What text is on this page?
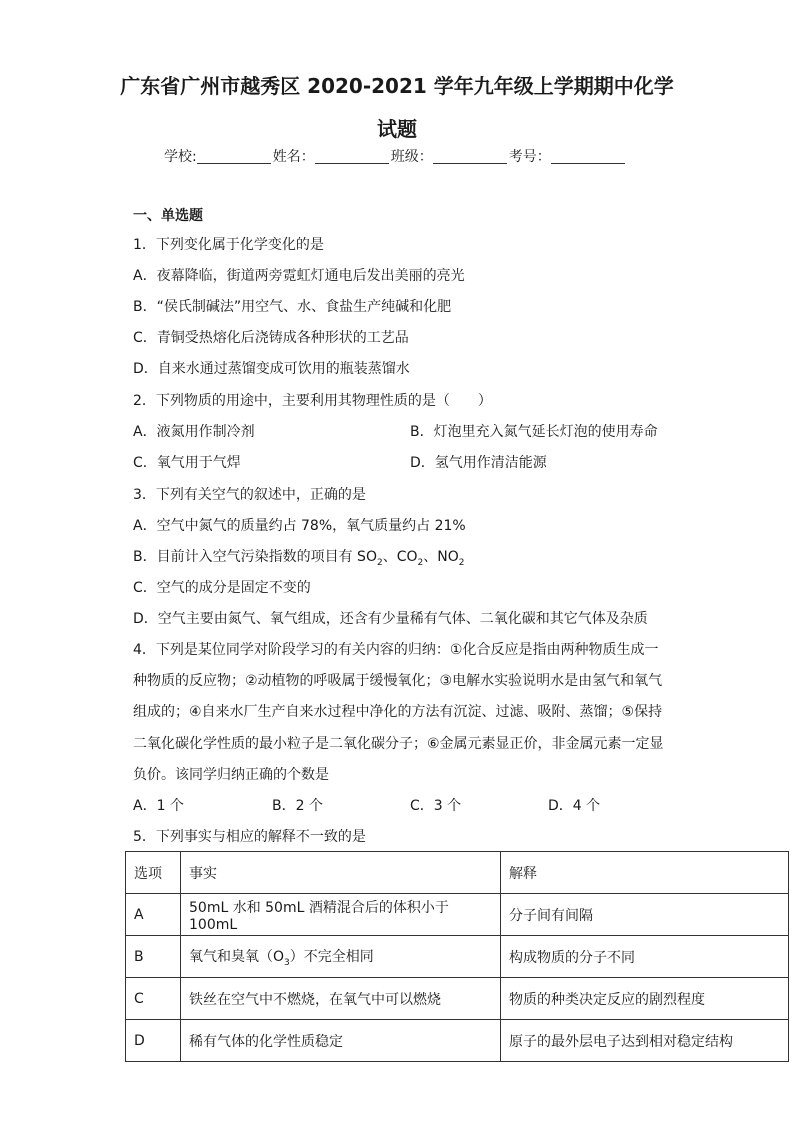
广东省广州市越秀区 2020-2021 学年九年级上学期期中化学
试题
学校:	姓名：	班级：	考号：
一、单选题
1．下列变化属于化学变化的是
A．夜幕降临，街道两旁霓虹灯通电后发出美丽的亮光
B．“侯氏制碱法”用空气、水、食盐生产纯碱和化肥
C．青铜受热熔化后浇铸成各种形状的工艺品
D．自来水通过蒸馏变成可饮用的瓶装蒸馏水
2．下列物质的用途中，主要利用其物理性质的是（　　）
A．液氮用作制冷剂	B．灯泡里充入氮气延长灯泡的使用寿命
C．氧气用于气焊	D．氢气用作清洁能源
3．下列有关空气的叙述中，正确的是
A．空气中氮气的质量约占 78%，氧气质量约占 21%
B．目前计入空气污染指数的项目有 $SO_2$、$CO_2$、$NO_2$
C．空气的成分是固定不变的
D．空气主要由氮气、氧气组成，还含有少量稀有气体、二氧化碳和其它气体及杂质
4．下列是某位同学对阶段学习的有关内容的归纳：①化合反应是指由两种物质生成一
种物质的反应物；②动植物的呼吸属于缓慢氧化；③电解水实验说明水是由氢气和氧气
组成的；④自来水厂生产自来水过程中净化的方法有沉淀、过滤、吸附、蒸馏；⑤保持
二氧化碳化学性质的最小粒子是二氧化碳分子；⑥金属元素显正价，非金属元素一定显
负价。该同学归纳正确的个数是
A．1 个	B．2 个	C．3 个	D．4 个
5．下列事实与相应的解释不一致的是
选项	事实	解释
A	50mL 水和 50mL 酒精混合后的体积小于 100mL	分子间有间隔
B	氧气和臭氧$(O_3)$不完全相同	构成物质的分子不同
C	铁丝在空气中不燃烧，在氧气中可以燃烧	物质的种类决定反应的剧烈程度
D	稀有气体的化学性质稳定	原子的最外层电子达到相对稳定结构
